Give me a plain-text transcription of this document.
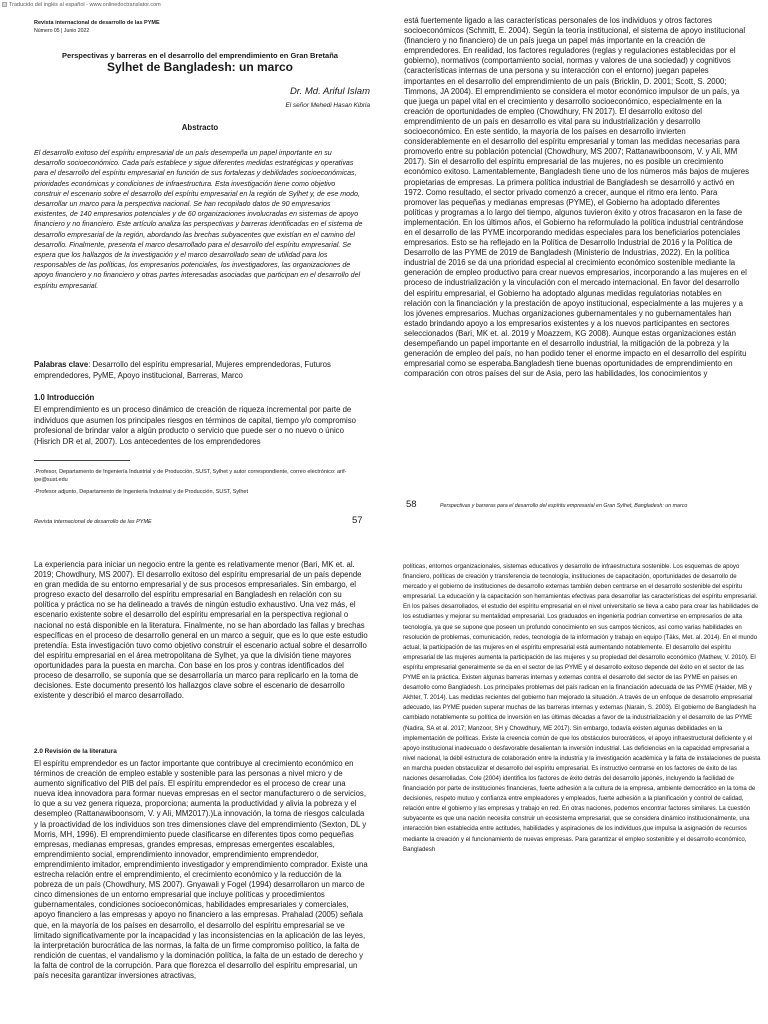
Traducido del inglés al español - www.onlinedoctranslator.com
Revista internacional de desarrollo de las PYME
Número 05 | Junio 2022
Perspectivas y barreras en el desarrollo del emprendimiento en Gran Bretaña
Sylhet de Bangladesh: un marco
Dr. Md. Ariful Islam
El señor Mehedi Hasan Kibria
Abstracto
El desarrollo exitoso del espíritu empresarial de un país desempeña un papel importante en su desarrollo socioeconómico. Cada país establece y sigue diferentes medidas estratégicas y operativas para el desarrollo del espíritu empresarial en función de sus fortalezas y debilidades socioeconómicas, prioridades económicas y condiciones de infraestructura. Esta investigación tiene como objetivo construir el escenario sobre el desarrollo del espíritu empresarial en la región de Sylhet y, de ese modo, desarrollar un marco para la perspectiva nacional. Se han recopilado datos de 90 empresarios existentes, de 140 empresarios potenciales y de 60 organizaciones involucradas en sistemas de apoyo financiero y no financiero. Este artículo analiza las perspectivas y barreras identificadas en el sistema de desarrollo empresarial de la región, abordando las brechas subyacentes que existían en el camino del desarrollo. Finalmente, presenta el marco desarrollado para el desarrollo del espíritu empresarial. Se espera que los hallazgos de la investigación y el marco desarrollado sean de utilidad para los responsables de las políticas, los empresarios potenciales, los investigadores, las organizaciones de apoyo financiero y no financiero y otras partes interesadas asociadas que participan en el desarrollo del espíritu empresarial.
Palabras clave: Desarrollo del espíritu empresarial, Mujeres emprendedoras, Futuros emprendedores, PyME, Apoyo institucional, Barreras, Marco
1.0 Introducción
El emprendimiento es un proceso dinámico de creación de riqueza incremental por parte de individuos que asumen los principales riesgos en términos de capital, tiempo y/o compromiso profesional de brindar valor a algún producto o servicio que puede ser o no nuevo o único (Hisrich DR et al, 2007). Los antecedentes de los emprendedores
.Profesor, Departamento de Ingeniería Industrial y de Producción, SUST, Sylhet y autor correspondiente, correo electrónico: arif-ipe@sust.edu
-Profesor adjunto, Departamento de Ingeniería Industrial y de Producción, SUST, Sylhet
Revista internacional de desarrollo de las PYME	57
está fuertemente ligado a las características personales de los individuos y otros factores socioeconómicos (Schmitt, E. 2004). Según la teoría institucional, el sistema de apoyo institucional (financiero y no financiero) de un país juega un papel más importante en la creación de emprendedores. En realidad, los factores reguladores (reglas y regulaciones establecidas por el gobierno), normativos (comportamiento social, normas y valores de una sociedad) y cognitivos (características internas de una persona y su interacción con el entorno) juegan papeles importantes en el desarrollo del emprendimiento de un país (Bricklin, D. 2001; Scott, S. 2000; Timmons, JA 2004). El emprendimiento se considera el motor económico impulsor de un país, ya que juega un papel vital en el crecimiento y desarrollo socioeconómico, especialmente en la creación de oportunidades de empleo (Chowdhury, FN 2017). El desarrollo exitoso del emprendimiento de un país en desarrollo es vital para su industrialización y desarrollo socioeconómico. En este sentido, la mayoría de los países en desarrollo invierten considerablemente en el desarrollo del espíritu empresarial y toman las medidas necesarias para promoverlo entre su población potencial (Chowdhury, MS 2007; Rattanawiboonsom, V. y Ali, MM 2017). Sin el desarrollo del espíritu empresarial de las mujeres, no es posible un crecimiento económico exitoso. Lamentablemente, Bangladesh tiene uno de los números más bajos de mujeres propietarias de empresas. La primera política industrial de Bangladesh se desarrolló y activó en 1972. Como resultado, el sector privado comenzó a crecer, aunque el ritmo era lento. Para promover las pequeñas y medianas empresas (PYME), el Gobierno ha adoptado diferentes políticas y programas a lo largo del tiempo, algunos tuvieron éxito y otros fracasaron en la fase de implementación. En los últimos años, el Gobierno ha reformulado la política industrial centrándose en el desarrollo de las PYME incorporando medidas especiales para los beneficiarios potenciales empresarios. Esto se ha reflejado en la Política de Desarrollo Industrial de 2016 y la Política de Desarrollo de las PYME de 2019 de Bangladesh (Ministerio de Industrias, 2022). En la política industrial de 2016 se da una prioridad especial al crecimiento económico sostenible mediante la generación de empleo productivo para crear nuevos empresarios, incorporando a las mujeres en el proceso de industrialización y la vinculación con el mercado internacional. En favor del desarrollo del espíritu empresarial, el Gobierno ha adoptado algunas medidas regulatorias notables en relación con la financiación y la prestación de apoyo institucional, especialmente a las mujeres y a los jóvenes empresarios. Muchas organizaciones gubernamentales y no gubernamentales han estado brindando apoyo a los empresarios existentes y a los nuevos participantes en sectores seleccionados (Bari, MK et. al. 2019 y Moazzem, KG 2008). Aunque estas organizaciones están desempeñando un papel importante en el desarrollo industrial, la mitigación de la pobreza y la generación de empleo del país, no han podido tener el enorme impacto en el desarrollo del espíritu empresarial como se esperaba.Bangladesh tiene buenas oportunidades de emprendimiento en comparación con otros países del sur de Asia, pero las habilidades, los conocimientos y
58	Perspectivas y barreras para el desarrollo del espíritu empresarial en Gran Sylhet, Bangladesh: un marco
La experiencia para iniciar un negocio entre la gente es relativamente menor (Bari, MK et. al. 2019; Chowdhury, MS 2007). El desarrollo exitoso del espíritu empresarial de un país depende en gran medida de su entorno empresarial y de sus procesos empresariales. Sin embargo, el progreso exacto del desarrollo del espíritu empresarial en Bangladesh en relación con su política y práctica no se ha delineado a través de ningún estudio exhaustivo. Una vez más, el escenario existente sobre el desarrollo del espíritu empresarial en la perspectiva regional o nacional no está disponible en la literatura. Finalmente, no se han abordado las fallas y brechas específicas en el proceso de desarrollo general en un marco a seguir, que es lo que este estudio pretendía. Esta investigación tuvo como objetivo construir el escenario actual sobre el desarrollo del espíritu empresarial en el área metropolitana de Sylhet, ya que la división tiene mayores oportunidades para la puesta en marcha. Con base en los pros y contras identificados del proceso de desarrollo, se suponía que se desarrollaría un marco para replicarlo en la toma de decisiones. Este documento presentó los hallazgos clave sobre el escenario de desarrollo existente y describió el marco desarrollado.
2.0 Revisión de la literatura
El espíritu emprendedor es un factor importante que contribuye al crecimiento económico en términos de creación de empleo estable y sostenible para las personas a nivel micro y de aumento significativo del PIB del país. El espíritu emprendedor es el proceso de crear una nueva idea innovadora para formar nuevas empresas en el sector manufacturero o de servicios, lo que a su vez genera riqueza, proporciona; aumenta la productividad y alivia la pobreza y el desempleo (Rattanawiboonsom, V. y Ali, MM2017).)La innovación, la toma de riesgos calculada y la proactividad de los individuos son tres dimensiones clave del emprendimiento (Sexton, DL y Morris, MH, 1996). El emprendimiento puede clasificarse en diferentes tipos como pequeñas empresas, medianas empresas, grandes empresas, empresas emergentes escalables, emprendimiento social, emprendimiento innovador, emprendimiento emprendedor, emprendimiento imitador, emprendimiento investigador y emprendimiento comprador. Existe una estrecha relación entre el emprendimiento, el crecimiento económico y la reducción de la pobreza de un país (Chowdhury, MS 2007). Gnyawali y Fogel (1994) desarrollaron un marco de cinco dimensiones de un entorno empresarial que incluye políticas y procedimientos gubernamentales, condiciones socioeconómicas, habilidades empresariales y comerciales, apoyo financiero a las empresas y apoyo no financiero a las empresas. Prahalad (2005) señala que, en la mayoría de los países en desarrollo, el desarrollo del espíritu empresarial se ve limitado significativamente por la incapacidad y las inconsistencias en la aplicación de las leyes, la interpretación burocrática de las normas, la falta de un firme compromiso político, la falta de rendición de cuentas, el vandalismo y la dominación política, la falta de un estado de derecho y la falta de control de la corrupción. Para que florezca el desarrollo del espíritu empresarial, un país necesita garantizar inversiones atractivas,
políticas, entornos organizacionales, sistemas educativos y desarrollo de infraestructura sostenible. Los esquemas de apoyo financiero, políticas de creación y transferencia de tecnología, instituciones de capacitación, oportunidades de desarrollo de mercado y el gobierno de instituciones de desarrollo externas también deben centrarse en el desarrollo sostenible del espíritu empresarial. La educación y la capacitación son herramientas efectivas para desarrollar las características del espíritu empresarial. En los países desarrollados, el estudio del espíritu empresarial en el nivel universitario se lleva a cabo para crear las habilidades de los estudiantes y mejorar su mentalidad empresarial. Los graduados en ingeniería podrían convertirse en empresarios de alta tecnología, ya que se supone que poseen un profundo conocimiento en sus campos técnicos, así como varias habilidades en resolución de problemas, comunicación, redes, tecnología de la información y trabajo en equipo (Täks, Met. al. 2014). En el mundo actual, la participación de las mujeres en el espíritu empresarial está aumentando notablemente. El desarrollo del espíritu empresarial de las mujeres aumenta la participación de las mujeres y su propiedad del desarrollo económico (Mathew, V. 2010). El espíritu empresarial generalmente se da en el sector de las PYME y el desarrollo exitoso depende del éxito en el sector de las PYME en la práctica. Existen algunas barreras internas y externas contra el desarrollo del sector de las PYME en países en desarrollo como Bangladesh. Los principales problemas del país radican en la financiación adecuada de las PYME (Haider, MB y Akhter, T. 2014). Las medidas recientes del gobierno han mejorado la situación. A través de un enfoque de desarrollo empresarial adecuado, las PYME pueden superar muchas de las barreras internas y externas (Narain, S. 2003). El gobierno de Bangladesh ha cambiado notablemente su política de inversión en las últimas décadas a favor de la industrialización y el desarrollo de las PYME (Nadira, SA et al. 2017; Manzoor, SH y Chowdhury, ME 2017). Sin embargo, todavía existen algunas debilidades en la implementación de políticas. Existe la creencia común de que los obstáculos burocráticos, el apoyo infraestructural deficiente y el apoyo institucional inadecuado o desfavorable desalientan la inversión industrial. Las deficiencias en la capacidad empresarial a nivel nacional, la débil estructura de colaboración entre la industria y la investigación académica y la falta de instalaciones de puesta en marcha pueden obstaculizar el desarrollo del espíritu empresarial. Es instructivo centrarse en los factores de éxito de las naciones desarrolladas. Cole (2004) identifica los factores de éxito detrás del desarrollo japonés, incluyendo la facilidad de financiación por parte de instituciones financieras, fuerte adhesión a la cultura de la empresa, ambiente democrático en la toma de decisiones, respeto mutuo y confianza entre empleadores y empleados, fuerte adhesión a la planificación y control de calidad, relación entre el gobierno y las empresas y trabajo en red. En otras naciones, podemos encontrar factores similares. La cuestión subyacente es que una nación necesita construir un ecosistema empresarial, que se considera dinámico institucionalmente, una interacción bien establecida entre actitudes, habilidades y aspiraciones de los individuos,que impulsa la asignación de recursos mediante la creación y el funcionamiento de nuevas empresas. Para garantizar el empleo sostenible y el desarrollo económico, Bangladesh
